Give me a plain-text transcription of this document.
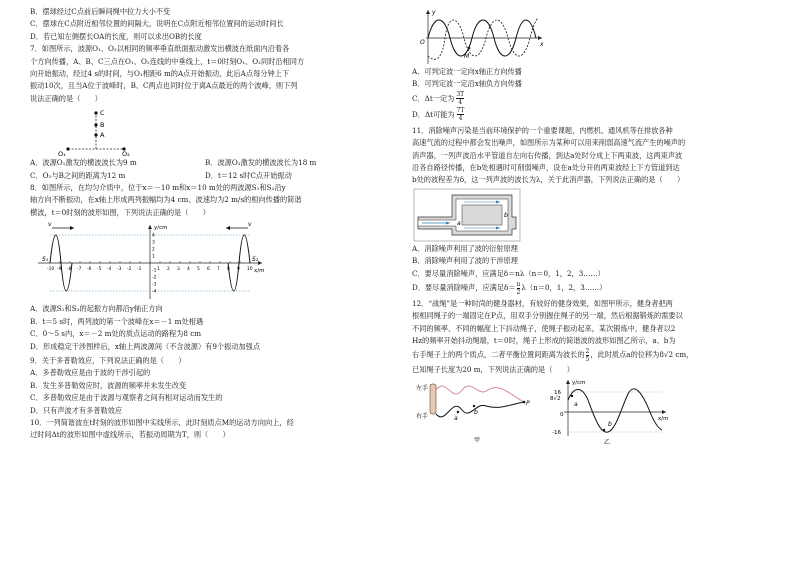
B．摆球经过C点前后瞬间绳中拉力大小不变

C．摆球在C点附近相邻位置的间隔大，说明在C点附近相邻位置间的运动时间长

D．若已知左侧摆长OA的长度，则可以求出OB的长度

7．如图所示，波源O₁、O₂以相同的频率垂直纸面振动激发出横波在纸面内沿着各

个方向传播，A、B、C三点在O₁、O₂连线的中垂线上，t＝0时刻O₁、O₂同时沿相同方

向开始振动，经过4 s的时间，与O₁相距6 m的A点开始振动，此后A点每分钟上下

振动10次，且当A位于波峰时，B、C两点也同时位于离A点最近的两个波峰，则下列

说法正确的是（　　）

C
B
A
O₁	O₂
A．波源O₁激发的横波波长为9 m	B．波源O₁激发的横波波长为18 m
C．O₁与B之间的距离为12 m	D．t＝12 s时C点开始振动

8．如图所示，在均匀介质中，位于x＝－10 m和x＝10 m处的两波源S₁和S₂沿y

轴方向不断振动，在x轴上形成两列振幅均为4 cm、波速均为2 m/s的相向传播的简谐

横波，t＝0时刻的波形如图，下列说法正确的是（　　）

y/cm
x/m
v	v
S₁	S₂
-10 -9 -8 -7 -6 -5 -4 -3 -2 -1	1 2 3 4 5 6 7 8 9 10
4
3
2
1
-1
-2
-3
-4

A．波源S₁和S₂的起振方向都沿y轴正方向

B．t＝5 s时，两列波的第一个波峰在x＝－1 m处相遇

C．0～5 s内，x＝－2 m处的质点运动的路程为8 cm

D．形成稳定干涉图样后，x轴上两波源间（不含波源）有9个振动加强点

9．关于多普勒效应，下列说法正确的是（　　）

A．多普勒效应是由于波的干涉引起的

B．发生多普勒效应时，波源的频率并未发生改变

C．多普勒效应是由于波源与观察者之间有相对运动而发生的

D．只有声波才有多普勒效应

10．一列简谐波在t时刻的波形如图中实线所示，此时刻质点M的运动方向向上，经

过时间Δt的波形如图中虚线所示，若振动周期为T，则（　　）

y
x
O
M

A．可判定波一定向x轴正方向传播

B．可判定波一定沿x轴负方向传播

C．Δt一定为 $\frac{3T}{4}$

D．Δt可能为 $\frac{7T}{4}$

11．消除噪声污染是当前环境保护的一个重要课题，内燃机、通风机等在排放各种

高速气流的过程中都会发出噪声，如图所示为某种可以用来削弱高速气流产生的噪声的

消声器，一列声波沿水平管道自左向右传播，到达a处时分成上下两束波，这两束声波

沿各自路径传播，在b处相遇时可削弱噪声，设在a处分开的两束波经上下方管道到达

b处的波程差为δ，这一列声波的波长为λ，关于此消声器，下列说法正确的是（　　）

a
b

A．消除噪声利用了波的衍射原理

B．消除噪声利用了波的干涉原理

C．要尽量消除噪声，应满足δ＝nλ（n＝0，1，2，3……）

D．要尽量消除噪声，应满足$\delta= \frac{n}{2} \lambda(n=0$，1，2，3……）

12．“战绳”是一种时尚的健身器材，有较好的健身效果，如图甲所示，健身者把两

根相同绳子的一端固定在P点，用双手分别握住绳子的另一端，然后根据锻炼的需要以

不同的频率、不同的幅度上下抖动绳子，使绳子振动起来，某次锻炼中，健身者以2

Hz的频率开始抖动绳端，t＝0时，绳子上形成的简谐波的波形如图乙所示，a、b为

右手绳子上的两个质点，二者平衡位置间距离为波长的 $\frac{2}{5}$ ，此时质点a的位移为8√2 cm，

已知绳子长度为20 m，下列说法正确的是（　　）

左手
右手	a
b
P
甲
y/cm
x/m
16
8√2
0
-16
a
b
乙
